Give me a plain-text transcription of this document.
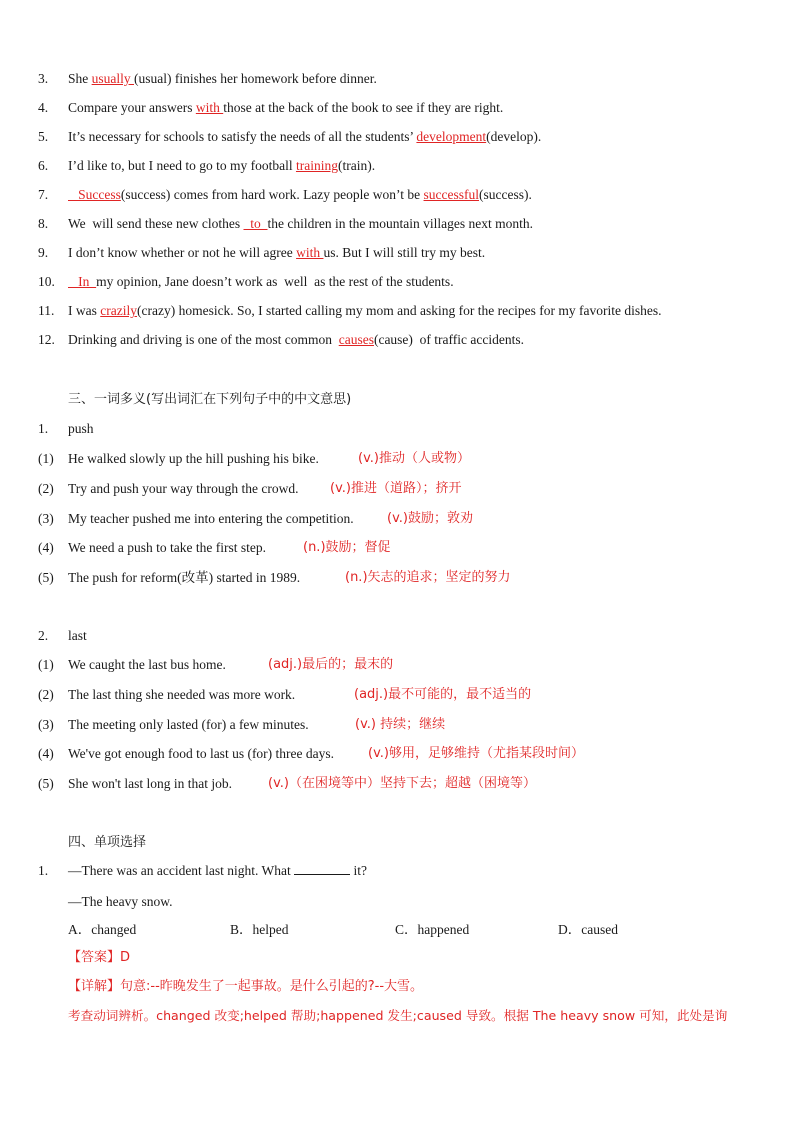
3. She usually (usual) finishes her homework before dinner.
4. Compare your answers with those at the back of the book to see if they are right.
5. It’s necessary for schools to satisfy the needs of all the students’ development(develop).
6. I’d like to, but I need to go to my football training(train).
7. Success(success) comes from hard work. Lazy people won’t be successful(success).
8. We  will send these new clothes   to  the children in the mountain villages next month.
9. I don’t know whether or not he will agree with us. But I will still try my best.
10. In  my opinion, Jane doesn’t work as  well  as the rest of the students.
11. I was crazily(crazy) homesick. So, I started calling my mom and asking for the recipes for my favorite dishes.
12. Drinking and driving is one of the most common  causes(cause)  of traffic accidents.
三、一词多义(写出词汇在下列句子中的中文意思)
1. push
(1) He walked slowly up the hill pushing his bike.	(v.)推动（人或物）
(2) Try and push your way through the crowd. (v.)推进（道路）；挤开
(3) My teacher pushed me into entering the competition.	(v.)鼓励；敦劝
(4) We need a push to take the first step.	(n.)鼓励；督促
(5) The push for reform(改革) started in 1989.	(n.)矢志的追求；坚定的努力
2. last
(1) We caught the last bus home.	(adj.)最后的；最末的
(2) The last thing she needed was more work.	(adj.)最不可能的，最不适当的
(3) The meeting only lasted (for) a few minutes.	(v.) 持续；继续
(4) We've got enough food to last us (for) three days.	(v.)够用，足够维持（尤指某段时间）
(5) She won't last long in that job.	(v.)（在困境等中）坚持下去；超越（困境等）
四、单项选择
1. —There was an accident last night. What	it?
—The heavy snow.
A．changed	B．helped	C．happened	D．caused
【答案】D
【详解】句意:--昨晚发生了一起事故。是什么引起的?--大雪。
考查动词辨析。changed 改变;helped 帮助;happened 发生;caused 导致。根据 The heavy snow 可知，此处是询
